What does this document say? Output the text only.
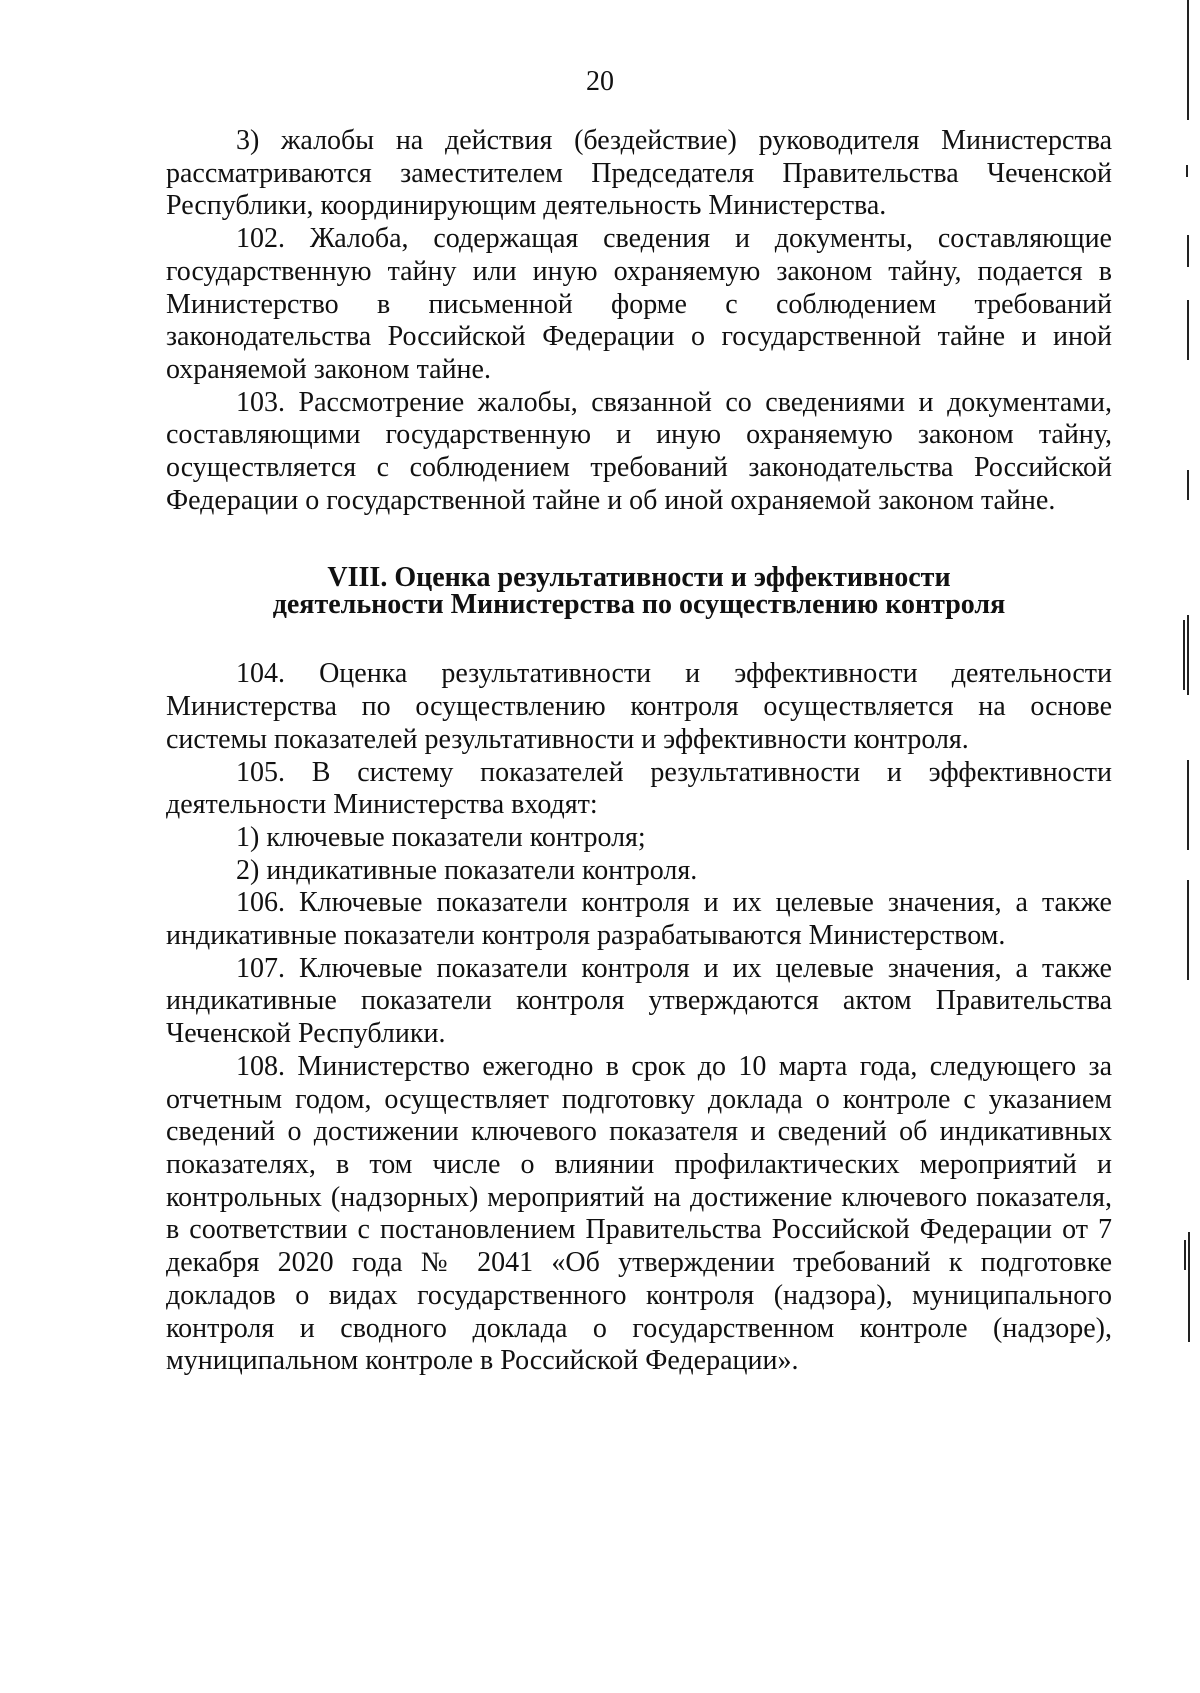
20

3) жалобы на действия (бездействие) руководителя Министерства рассматриваются заместителем Председателя Правительства Чеченской Республики, координирующим деятельность Министерства.

102. Жалоба, содержащая сведения и документы, составляющие государственную тайну или иную охраняемую законом тайну, подается в Министерство в письменной форме с соблюдением требований законодательства Российской Федерации о государственной тайне и иной охраняемой законом тайне.

103. Рассмотрение жалобы, связанной со сведениями и документами, составляющими государственную и иную охраняемую законом тайну, осуществляется с соблюдением требований законодательства Российской Федерации о государственной тайне и об иной охраняемой законом тайне.

VIII. Оценка результативности и эффективности
деятельности Министерства по осуществлению контроля

104. Оценка результативности и эффективности деятельности Министерства по осуществлению контроля осуществляется на основе системы показателей результативности и эффективности контроля.

105. В систему показателей результативности и эффективности деятельности Министерства входят:

1) ключевые показатели контроля;

2) индикативные показатели контроля.

106. Ключевые показатели контроля и их целевые значения, а также индикативные показатели контроля разрабатываются Министерством.

107. Ключевые показатели контроля и их целевые значения, а также индикативные показатели контроля утверждаются актом Правительства Чеченской Республики.

108. Министерство ежегодно в срок до 10 марта года, следующего за отчетным годом, осуществляет подготовку доклада о контроле с указанием сведений о достижении ключевого показателя и сведений об индикативных показателях, в том числе о влиянии профилактических мероприятий и контрольных (надзорных) мероприятий на достижение ключевого показателя, в соответствии с постановлением Правительства Российской Федерации от 7 декабря 2020 года № 2041 «Об утверждении требований к подготовке докладов о видах государственного контроля (надзора), муниципального контроля и сводного доклада о государственном контроле (надзоре), муниципальном контроле в Российской Федерации».
